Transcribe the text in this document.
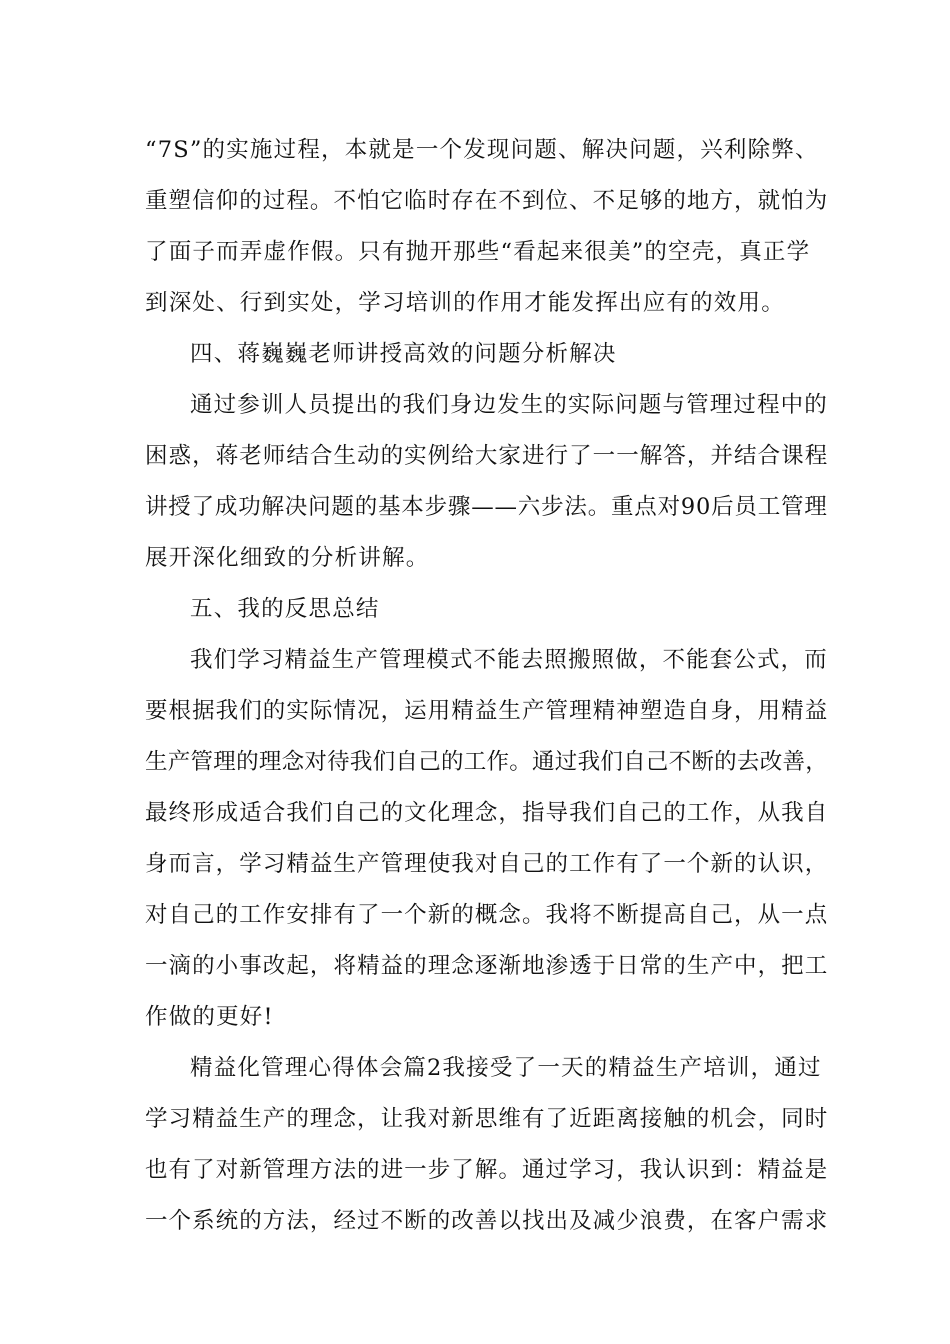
“7S”的实施过程，本就是一个发现问题、解决问题，兴利除弊、
重塑信仰的过程。不怕它临时存在不到位、不足够的地方，就怕为
了面子而弄虚作假。只有抛开那些“看起来很美”的空壳，真正学
到深处、行到实处，学习培训的作用才能发挥出应有的效用。
四、蒋巍巍老师讲授高效的问题分析解决
通过参训人员提出的我们身边发生的实际问题与管理过程中的
困惑，蒋老师结合生动的实例给大家进行了一一解答，并结合课程
讲授了成功解决问题的基本步骤——六步法。重点对90后员工管理
展开深化细致的分析讲解。
五、我的反思总结
我们学习精益生产管理模式不能去照搬照做，不能套公式，而
要根据我们的实际情况，运用精益生产管理精神塑造自身，用精益
生产管理的理念对待我们自己的工作。通过我们自己不断的去改善，
最终形成适合我们自己的文化理念，指导我们自己的工作，从我自
身而言，学习精益生产管理使我对自己的工作有了一个新的认识，
对自己的工作安排有了一个新的概念。我将不断提高自己，从一点
一滴的小事改起，将精益的理念逐渐地渗透于日常的生产中，把工
作做的更好!
精益化管理心得体会篇2我接受了一天的精益生产培训，通过
学习精益生产的理念，让我对新思维有了近距离接触的机会，同时
也有了对新管理方法的进一步了解。通过学习，我认识到：精益是
一个系统的方法，经过不断的改善以找出及减少浪费，在客户需求
